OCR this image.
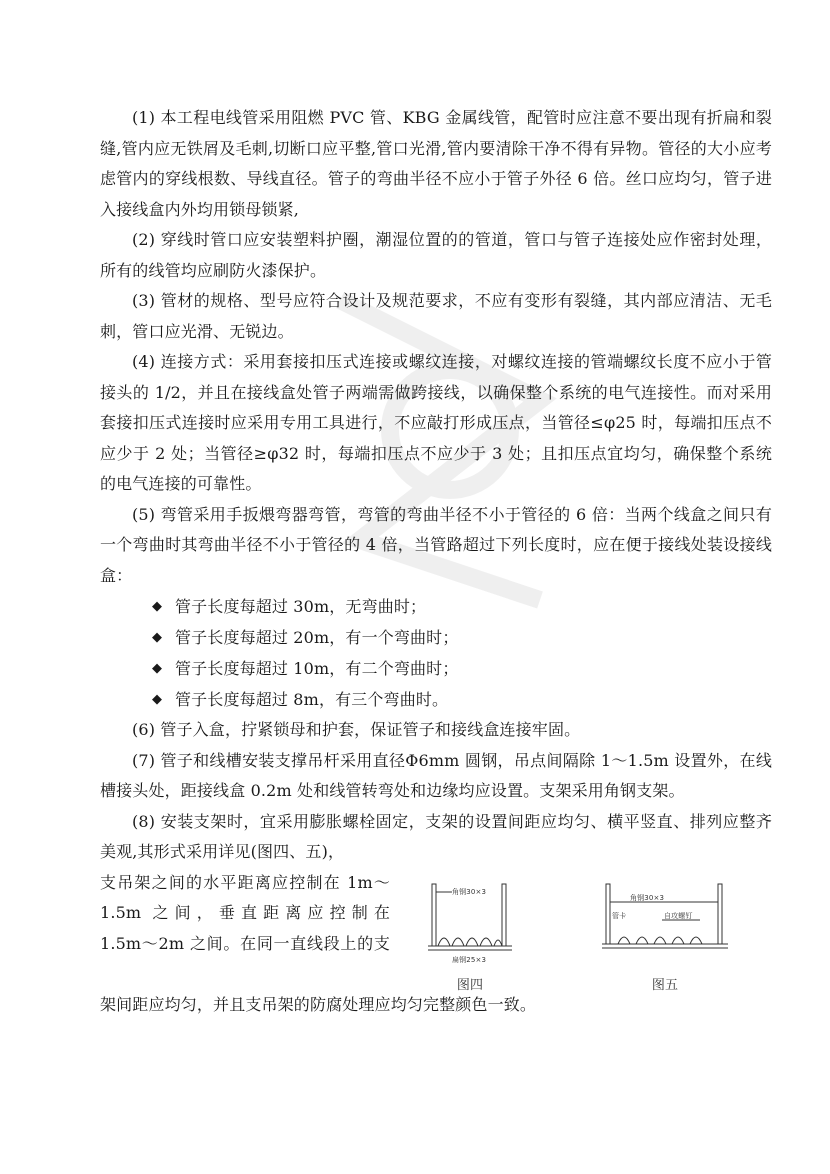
(1) 本工程电线管采用阻燃 PVC 管、KBG 金属线管，配管时应注意不要出现有折扁和裂缝,管内应无铁屑及毛刺,切断口应平整,管口光滑,管内要清除干净不得有异物。管径的大小应考虑管内的穿线根数、导线直径。管子的弯曲半径不应小于管子外径 6 倍。丝口应均匀，管子进入接线盒内外均用锁母锁紧,

(2) 穿线时管口应安装塑料护圈，潮湿位置的的管道，管口与管子连接处应作密封处理，所有的线管均应刷防火漆保护。

(3) 管材的规格、型号应符合设计及规范要求，不应有变形有裂缝，其内部应清洁、无毛刺，管口应光滑、无锐边。

(4) 连接方式：采用套接扣压式连接或螺纹连接，对螺纹连接的管端螺纹长度不应小于管接头的 1/2，并且在接线盒处管子两端需做跨接线，以确保整个系统的电气连接性。而对采用套接扣压式连接时应采用专用工具进行，不应敲打形成压点，当管径≤φ25 时，每端扣压点不应少于 2 处；当管径≥φ32 时，每端扣压点不应少于 3 处；且扣压点宜均匀，确保整个系统的电气连接的可靠性。

(5) 弯管采用手扳煨弯器弯管，弯管的弯曲半径不小于管径的 6 倍：当两个线盒之间只有一个弯曲时其弯曲半径不小于管径的 4 倍，当管路超过下列长度时，应在便于接线处装设接线盒：

◆ 管子长度每超过 30m，无弯曲时；
◆ 管子长度每超过 20m，有一个弯曲时；
◆ 管子长度每超过 10m，有二个弯曲时；
◆ 管子长度每超过 8m，有三个弯曲时。

(6) 管子入盒，拧紧锁母和护套，保证管子和接线盒连接牢固。

(7) 管子和线槽安装支撑吊杆采用直径Φ6mm 圆钢，吊点间隔除 1～1.5m 设置外，在线槽接头处，距接线盒 0.2m 处和线管转弯处和边缘均应设置。支架采用角钢支架。

(8) 安装支架时，宜采用膨胀螺栓固定，支架的设置间距应均匀、横平竖直、排列应整齐美观,其形式采用详见(图四、五)，

支吊架之间的水平距离应控制在 1m～
1.5m 之间，垂直距离应控制在
1.5m～2m 之间。在同一直线段上的支
角钢30×3
扁钢25×3
图四
角钢30×3
自攻螺钉
管卡
图五

架间距应均匀，并且支吊架的防腐处理应均匀完整颜色一致。
